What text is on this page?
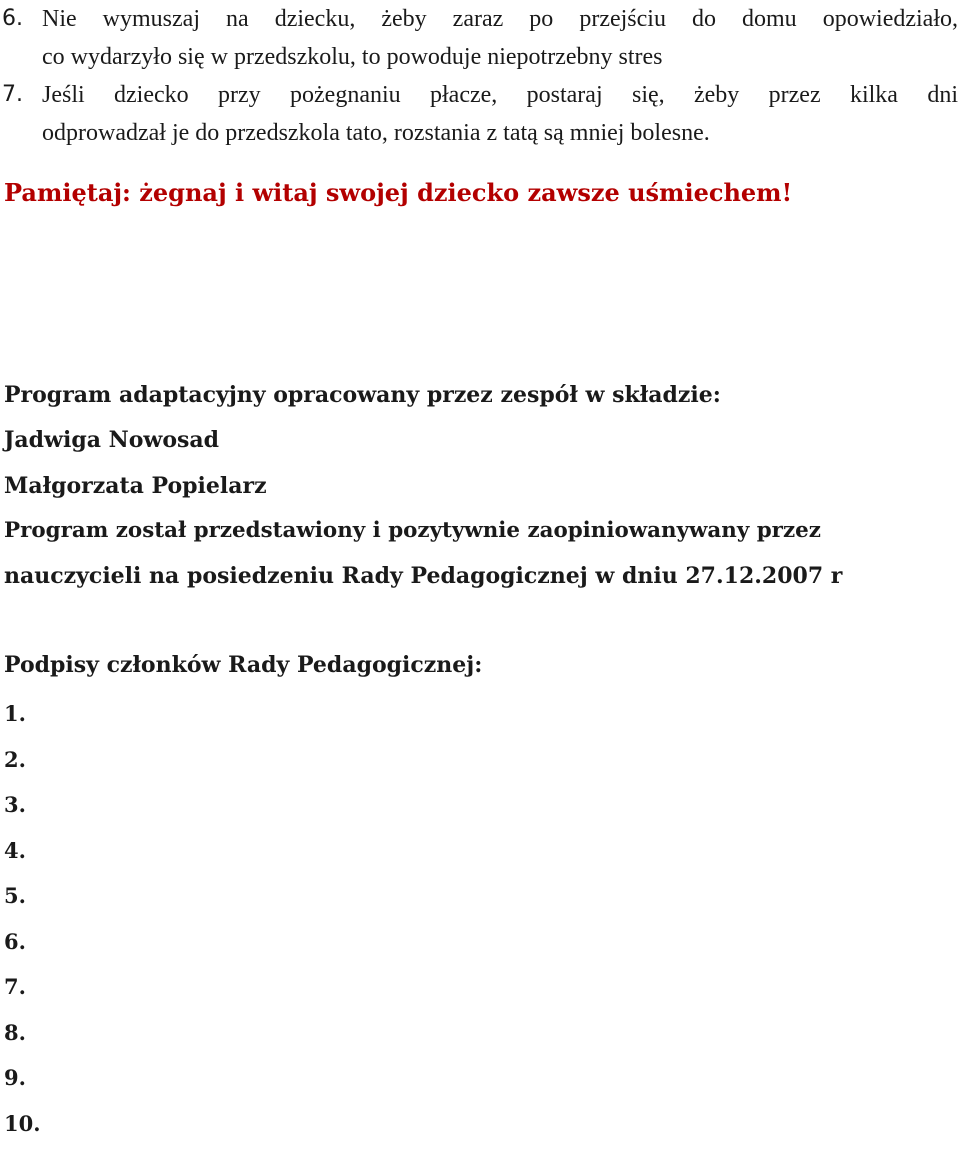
6. Nie wymuszaj na dziecku, żeby zaraz po przejściu do domu opowiedziało,
co wydarzyło się w przedszkolu, to powoduje niepotrzebny stres
7. Jeśli dziecko przy pożegnaniu płacze, postaraj się, żeby przez kilka dni
odprowadzał je do przedszkola tato, rozstania z tatą są mniej bolesne.
Pamiętaj: żegnaj i witaj swojej dziecko zawsze uśmiechem!
Program adaptacyjny opracowany przez zespół w składzie:
Jadwiga Nowosad
Małgorzata Popielarz
Program został przedstawiony i pozytywnie zaopiniowanywany przez
nauczycieli na posiedzeniu Rady Pedagogicznej w dniu 27.12.2007 r
Podpisy członków Rady Pedagogicznej:
1.
2.
3.
4.
5.
6.
7.
8.
9.
10.
